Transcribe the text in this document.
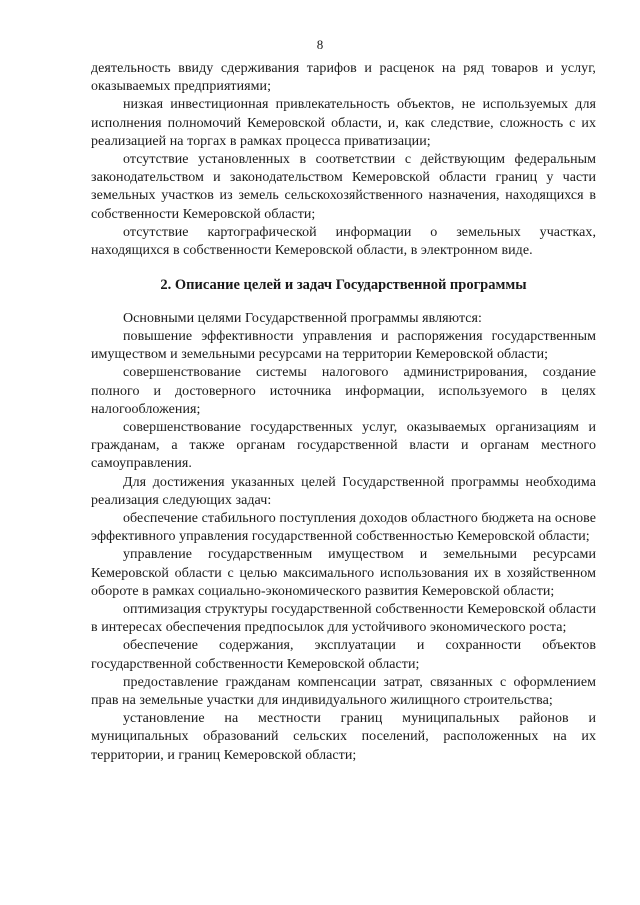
8

деятельность ввиду сдерживания тарифов и расценок на ряд товаров и услуг, оказываемых предприятиями;

низкая инвестиционная привлекательность объектов, не используемых для исполнения полномочий Кемеровской области, и, как следствие, сложность с их реализацией на торгах в рамках процесса приватизации;

отсутствие установленных в соответствии с действующим федеральным законодательством и законодательством Кемеровской области границ у части земельных участков из земель сельскохозяйственного назначения, находящихся в собственности Кемеровской области;

отсутствие картографической информации о земельных участках, находящихся в собственности Кемеровской области, в электронном виде.

2. Описание целей и задач Государственной программы

Основными целями Государственной программы являются:

повышение эффективности управления и распоряжения государственным имуществом и земельными ресурсами на территории Кемеровской области;

совершенствование системы налогового администрирования, создание полного и достоверного источника информации, используемого в целях налогообложения;

совершенствование государственных услуг, оказываемых организациям и гражданам, а также органам государственной власти и органам местного самоуправления.

Для достижения указанных целей Государственной программы необходима реализация следующих задач:

обеспечение стабильного поступления доходов областного бюджета на основе эффективного управления государственной собственностью Кемеровской области;

управление государственным имуществом и земельными ресурсами Кемеровской области с целью максимального использования их в хозяйственном обороте в рамках социально-экономического развития Кемеровской области;

оптимизация структуры государственной собственности Кемеровской области в интересах обеспечения предпосылок для устойчивого экономического роста;

обеспечение содержания, эксплуатации и сохранности объектов государственной собственности Кемеровской области;

предоставление гражданам компенсации затрат, связанных с оформлением прав на земельные участки для индивидуального жилищного строительства;

установление на местности границ муниципальных районов и муниципальных образований сельских поселений, расположенных на их территории, и границ Кемеровской области;
